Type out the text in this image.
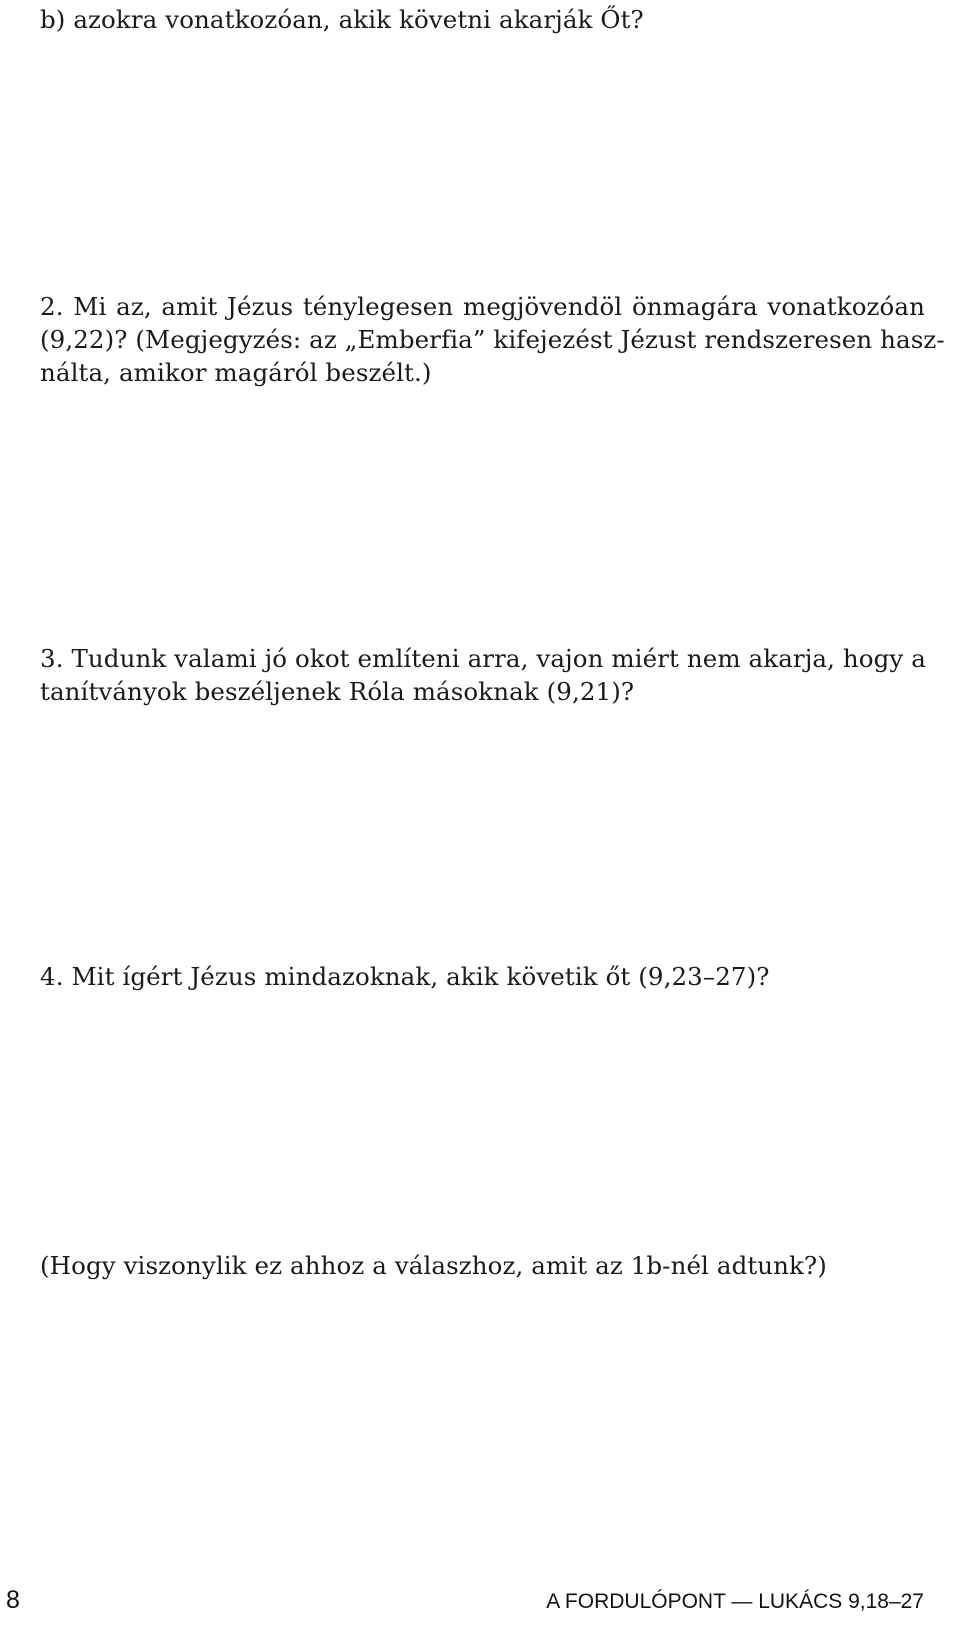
b) azokra vonatkozóan, akik követni akarják Őt?
2. Mi az, amit Jézus ténylegesen megjövendöl önmagára vonatkozóan
(9,22)? (Megjegyzés: az „Emberfia” kifejezést Jézust rendszeresen hasz-
nálta, amikor magáról beszélt.)
3. Tudunk valami jó okot említeni arra, vajon miért nem akarja, hogy a
tanítványok beszéljenek Róla másoknak (9,21)?
4. Mit ígért Jézus mindazoknak, akik követik őt (9,23–27)?
(Hogy viszonylik ez ahhoz a válaszhoz, amit az 1b-nél adtunk?)
8	A FORDULÓPONT — LUKÁCS 9,18–27
